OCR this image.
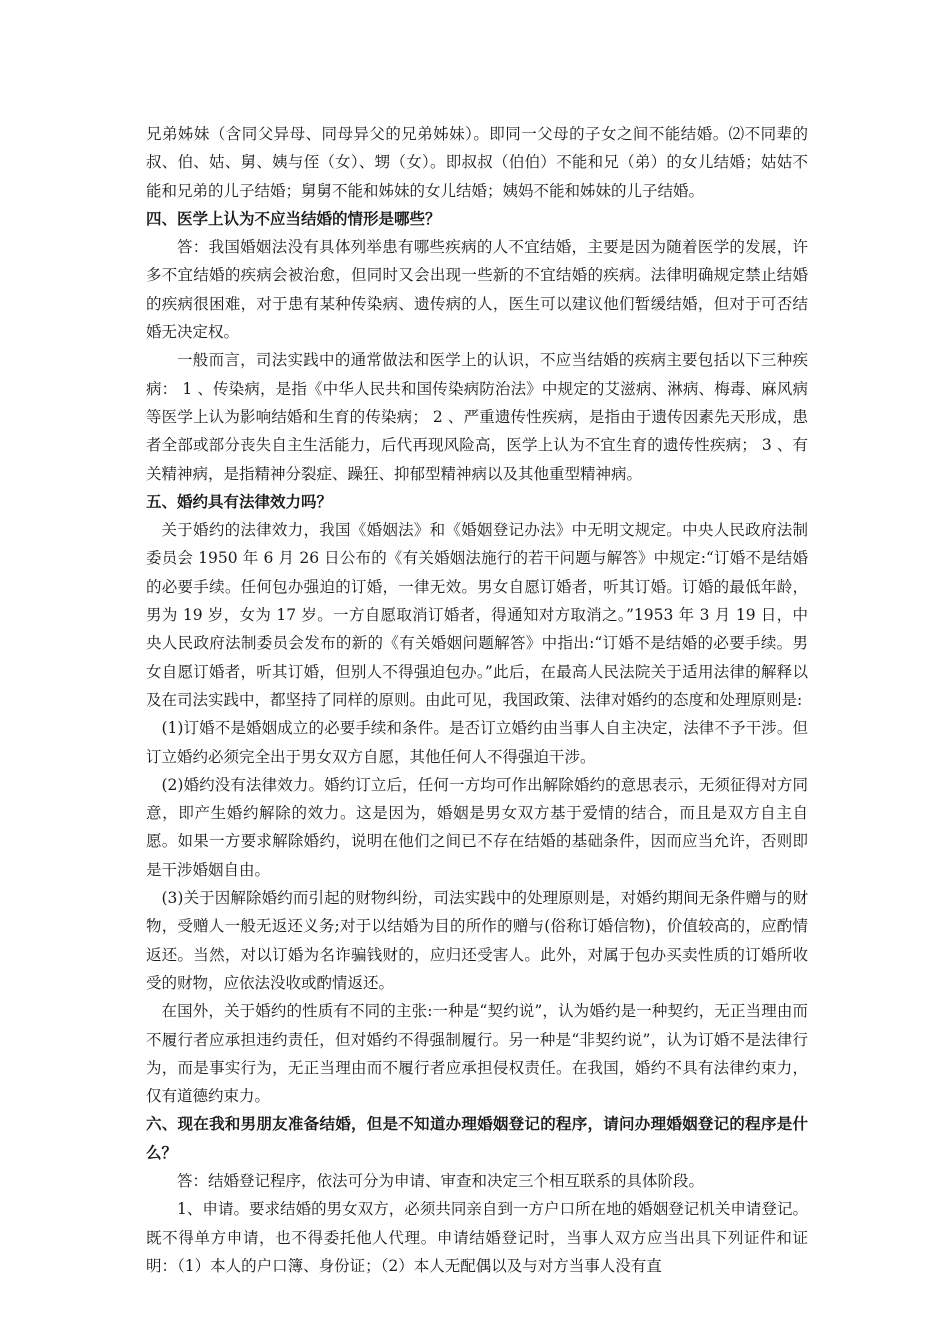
兄弟姊妹（含同父异母、同母异父的兄弟姊妹）。即同一父母的子女之间不能结婚。⑵不同辈的叔、伯、姑、舅、姨与侄（女）、甥（女）。即叔叔（伯伯）不能和兄（弟）的女儿结婚；姑姑不能和兄弟的儿子结婚；舅舅不能和姊妹的女儿结婚；姨妈不能和姊妹的儿子结婚。

四、医学上认为不应当结婚的情形是哪些？

答：我国婚姻法没有具体列举患有哪些疾病的人不宜结婚，主要是因为随着医学的发展，许多不宜结婚的疾病会被治愈，但同时又会出现一些新的不宜结婚的疾病。法律明确规定禁止结婚的疾病很困难，对于患有某种传染病、遗传病的人，医生可以建议他们暂缓结婚，但对于可否结婚无决定权。

一般而言，司法实践中的通常做法和医学上的认识，不应当结婚的疾病主要包括以下三种疾病： 1 、传染病，是指《中华人民共和国传染病防治法》中规定的艾滋病、淋病、梅毒、麻风病等医学上认为影响结婚和生育的传染病； 2 、严重遗传性疾病，是指由于遗传因素先天形成，患者全部或部分丧失自主生活能力，后代再现风险高，医学上认为不宜生育的遗传性疾病； 3 、有关精神病，是指精神分裂症、躁狂、抑郁型精神病以及其他重型精神病。

五、婚约具有法律效力吗？

关于婚约的法律效力，我国《婚姻法》和《婚姻登记办法》中无明文规定。中央人民政府法制委员会 1950 年 6 月 26 日公布的《有关婚姻法施行的若干问题与解答》中规定:“订婚不是结婚的必要手续。任何包办强迫的订婚，一律无效。男女自愿订婚者，听其订婚。订婚的最低年龄，男为 19 岁，女为 17 岁。一方自愿取消订婚者，得通知对方取消之。”1953 年 3 月 19 日，中央人民政府法制委员会发布的新的《有关婚姻问题解答》中指出:“订婚不是结婚的必要手续。男女自愿订婚者，听其订婚，但别人不得强迫包办。”此后，在最高人民法院关于适用法律的解释以及在司法实践中，都坚持了同样的原则。由此可见，我国政策、法律对婚约的态度和处理原则是:

(1)订婚不是婚姻成立的必要手续和条件。是否订立婚约由当事人自主决定，法律不予干涉。但订立婚约必须完全出于男女双方自愿，其他任何人不得强迫干涉。

(2)婚约没有法律效力。婚约订立后，任何一方均可作出解除婚约的意思表示，无须征得对方同意，即产生婚约解除的效力。这是因为，婚姻是男女双方基于爱情的结合，而且是双方自主自愿。如果一方要求解除婚约，说明在他们之间已不存在结婚的基础条件，因而应当允许，否则即是干涉婚姻自由。

(3)关于因解除婚约而引起的财物纠纷，司法实践中的处理原则是，对婚约期间无条件赠与的财物，受赠人一般无返还义务;对于以结婚为目的所作的赠与(俗称订婚信物)，价值较高的，应酌情返还。当然，对以订婚为名诈骗钱财的，应归还受害人。此外，对属于包办买卖性质的订婚所收受的财物，应依法没收或酌情返还。

在国外，关于婚约的性质有不同的主张:一种是“契约说”，认为婚约是一种契约，无正当理由而不履行者应承担违约责任，但对婚约不得强制履行。另一种是“非契约说”，认为订婚不是法律行为，而是事实行为，无正当理由而不履行者应承担侵权责任。在我国，婚约不具有法律约束力，仅有道德约束力。

六、现在我和男朋友准备结婚，但是不知道办理婚姻登记的程序，请问办理婚姻登记的程序是什么？

答：结婚登记程序，依法可分为申请、审查和决定三个相互联系的具体阶段。

1、申请。要求结婚的男女双方，必须共同亲自到一方户口所在地的婚姻登记机关申请登记。既不得单方申请，也不得委托他人代理。申请结婚登记时，当事人双方应当出具下列证件和证明：（1）本人的户口簿、身份证；（2）本人无配偶以及与对方当事人没有直
